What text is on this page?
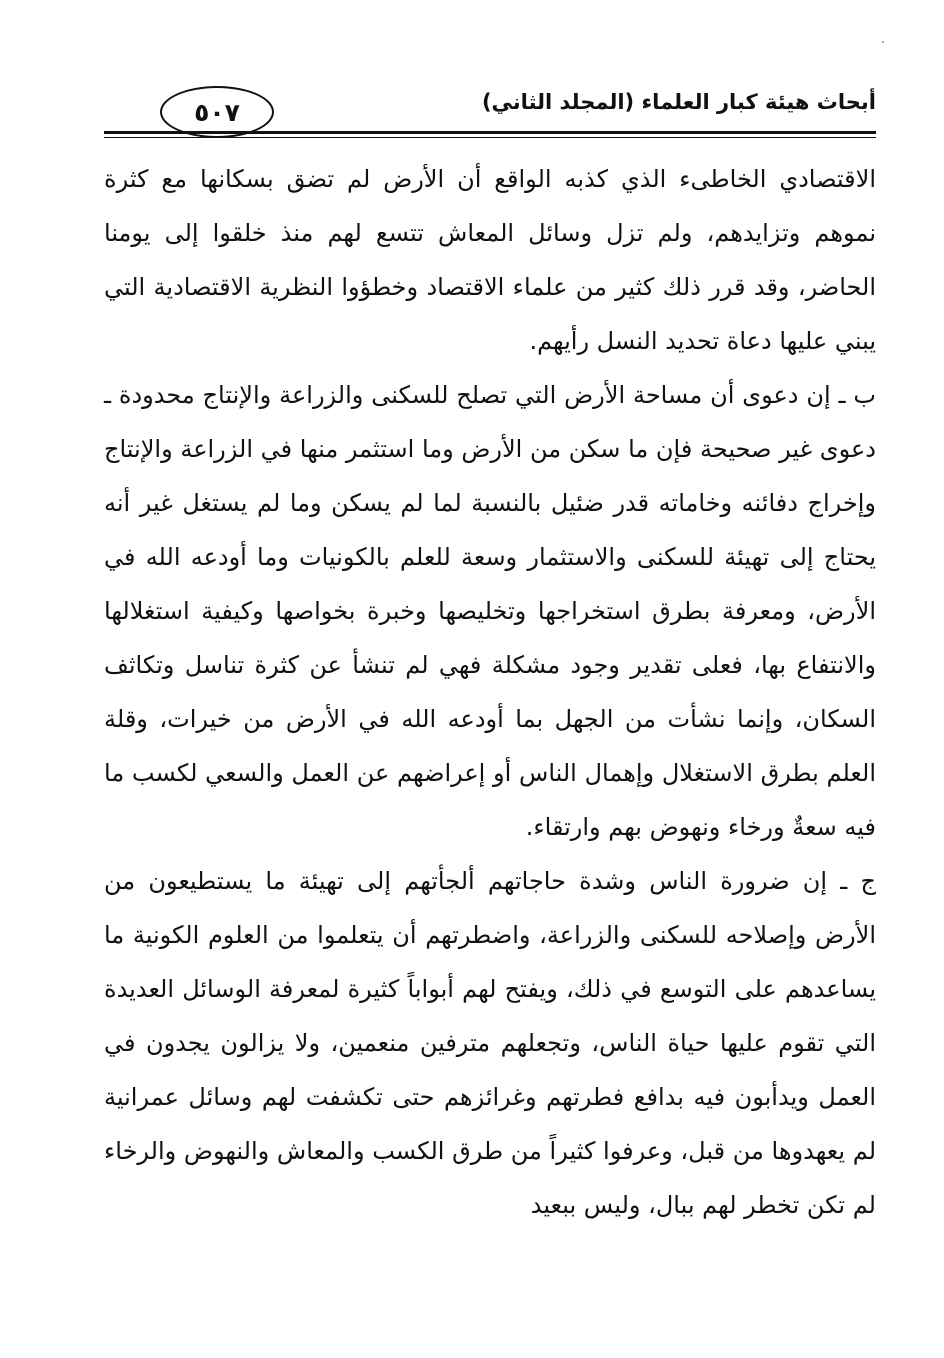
·
٥٠٧	أبحاث هيئة كبار العلماء (المجلد الثاني)

الاقتصادي الخاطىء الذي كذبه الواقع أن الأرض لم تضق بسكانها مع كثرة نموهم وتزايدهم، ولم تزل وسائل المعاش تتسع لهم منذ خلقوا إلى يومنا الحاضر، وقد قرر ذلك كثير من علماء الاقتصاد وخطؤوا النظرية الاقتصادية التي يبني عليها دعاة تحديد النسل رأيهم.

ب ـ إن دعوى أن مساحة الأرض التي تصلح للسكنى والزراعة والإنتاج محدودة ـ دعوى غير صحيحة فإن ما سكن من الأرض وما استثمر منها في الزراعة والإنتاج وإخراج دفائنه وخاماته قدر ضئيل بالنسبة لما لم يسكن وما لم يستغل غير أنه يحتاج إلى تهيئة للسكنى والاستثمار وسعة للعلم بالكونيات وما أودعه الله في الأرض، ومعرفة بطرق استخراجها وتخليصها وخبرة بخواصها وكيفية استغلالها والانتفاع بها، فعلى تقدير وجود مشكلة فهي لم تنشأ عن كثرة تناسل وتكاثف السكان، وإنما نشأت من الجهل بما أودعه الله في الأرض من خيرات، وقلة العلم بطرق الاستغلال وإهمال الناس أو إعراضهم عن العمل والسعي لكسب ما فيه سعةٌ ورخاء ونهوض بهم وارتقاء.

ج ـ إن ضرورة الناس وشدة حاجاتهم ألجأتهم إلى تهيئة ما يستطيعون من الأرض وإصلاحه للسكنى والزراعة، واضطرتهم أن يتعلموا من العلوم الكونية ما يساعدهم على التوسع في ذلك، ويفتح لهم أبواباً كثيرة لمعرفة الوسائل العديدة التي تقوم عليها حياة الناس، وتجعلهم مترفين منعمين، ولا يزالون يجدون في العمل ويدأبون فيه بدافع فطرتهم وغرائزهم حتى تكشفت لهم وسائل عمرانية لم يعهدوها من قبل، وعرفوا كثيراً من طرق الكسب والمعاش والنهوض والرخاء لم تكن تخطر لهم ببال، وليس ببعيد
